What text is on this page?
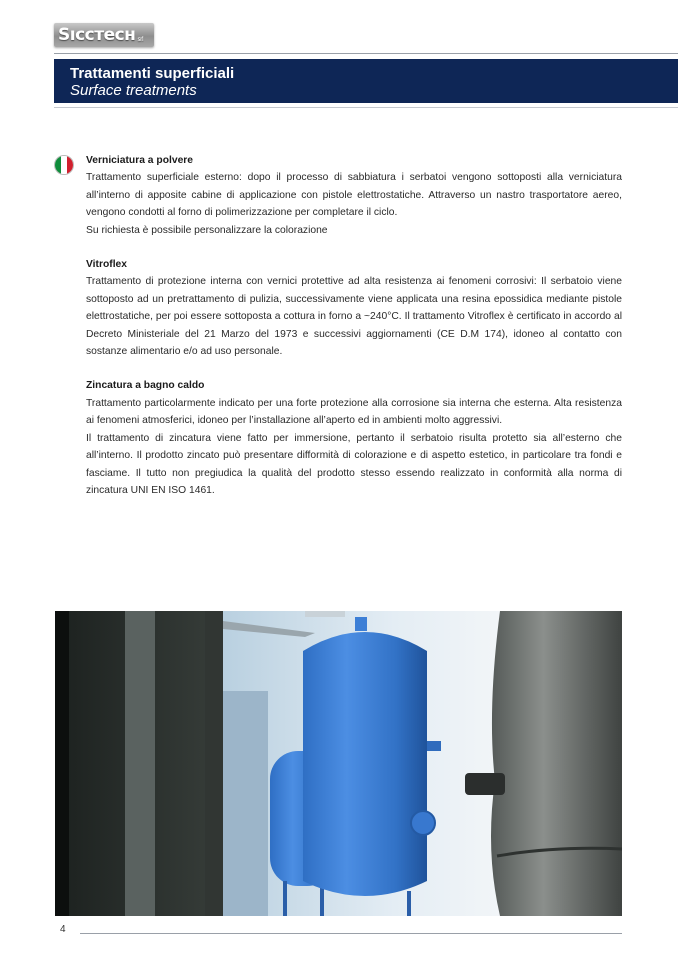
Sıccтecн srl
Trattamenti superficiali
Surface treatments
Verniciatura a polvere

Trattamento superficiale esterno: dopo il processo di sabbiatura i serbatoi vengono sottoposti alla verniciatura all’interno di apposite cabine di applicazione con pistole elettrostatiche. Attraverso un nastro trasportatore aereo, vengono condotti al forno di polimerizzazione per completare il ciclo.

Su richiesta è possibile personalizzare la colorazione

Vitroflex

Trattamento di protezione interna con vernici protettive ad alta resistenza ai fenomeni corrosivi: Il serbatoio viene sottoposto ad un pretrattamento di pulizia, successivamente viene applicata una resina epossidica mediante pistole elettrostatiche, per poi essere sottoposta a cottura in forno a ~240°C. Il trattamento Vitroflex è certificato in accordo al Decreto Ministeriale del 21 Marzo del 1973 e successivi aggiornamenti (CE D.M 174), idoneo al contatto con sostanze alimentario e/o ad uso personale.

Zincatura a bagno caldo

Trattamento particolarmente indicato per una forte protezione alla corrosione sia interna che esterna. Alta resistenza ai fenomeni atmosferici, idoneo per l’installazione all’aperto ed in ambienti molto aggressivi.

Il trattamento di zincatura viene fatto per immersione, pertanto il serbatoio risulta protetto sia all’esterno che all’interno. Il prodotto zincato può presentare difformità di colorazione e di aspetto estetico, in particolare tra fondi e fasciame. Il tutto non pregiudica la qualità del prodotto stesso essendo realizzato in conformità alla norma di zincatura UNI EN ISO 1461.

4
